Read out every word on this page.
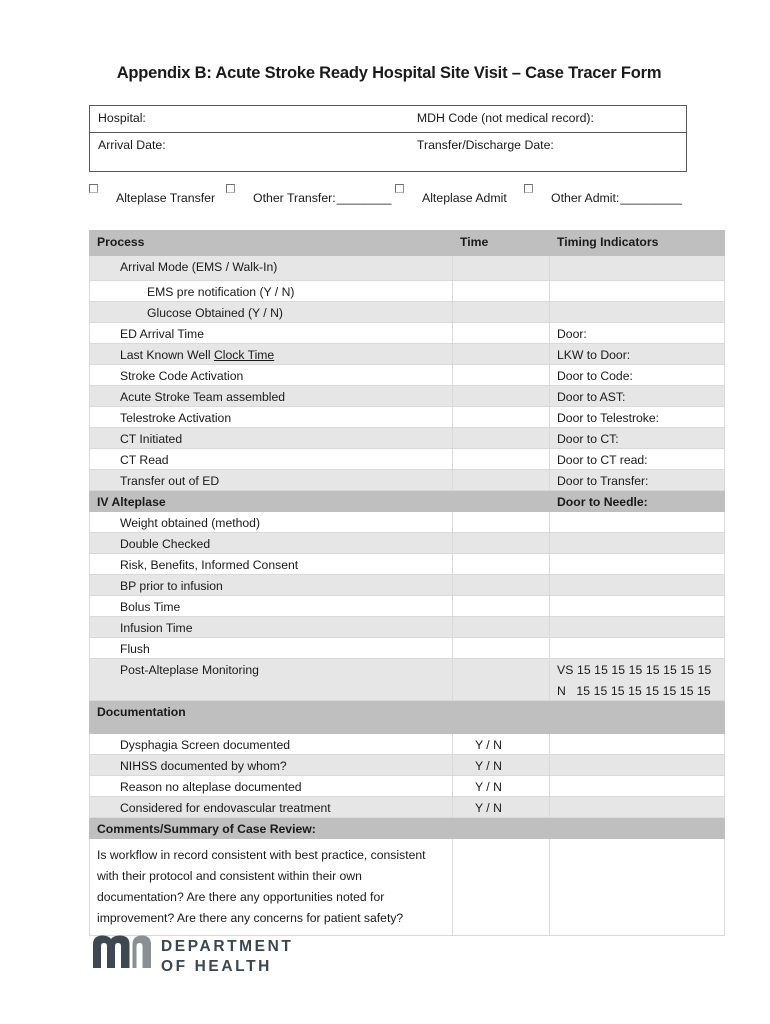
Appendix B: Acute Stroke Ready Hospital Site Visit – Case Tracer Form
Hospital:	MDH Code (not medical record):
Arrival Date:	Transfer/Discharge Date:
Alteplase Transfer	Other Transfer: ________ Alteplase Admit	Other Admit: _________
Process	Time	Timing Indicators

Arrival Mode (EMS / Walk-In)		

EMS pre notification (Y / N)		

Glucose Obtained (Y / N)		

ED Arrival Time		Door:

Last Known Well Clock Time		LKW to Door:

Stroke Code Activation		Door to Code:

Acute Stroke Team assembled		Door to AST:

Telestroke Activation		Door to Telestroke:

CT Initiated		Door to CT:

CT Read		Door to CT read:

Transfer out of ED		Door to Transfer:

IV Alteplase		Door to Needle:

Weight obtained (method)		

Double Checked		

Risk, Benefits, Informed Consent		

BP prior to infusion		

Bolus Time		

Infusion Time		

Flush		

Post-Alteplase Monitoring		VS 15 15 15 15 15 15 15 15
N   15 15 15 15 15 15 15 15

Documentation		

Dysphagia Screen documented	Y / N	

NIHSS documented by whom?	Y / N	

Reason no alteplase documented	Y / N	

Considered for endovascular treatment	Y / N	

Comments/Summary of Case Review:		

Is workflow in record consistent with best practice, consistent with their protocol and consistent within their own documentation? Are there any opportunities noted for improvement? Are there any concerns for patient safety?		

DEPARTMENT
OF HEALTH
